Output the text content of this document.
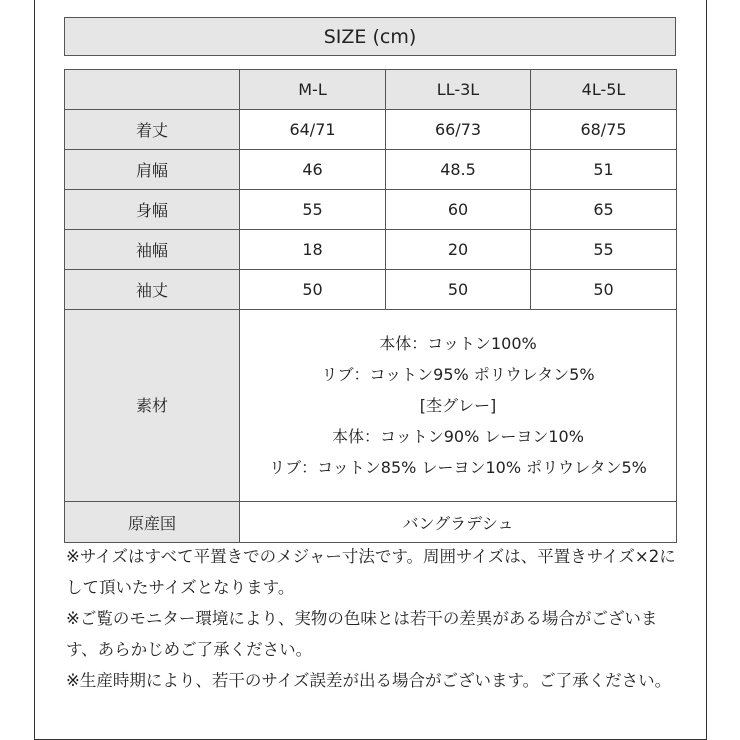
SIZE (cm)
	M-L	LL-3L	4L-5L
着丈	64/71	66/73	68/75
肩幅	46	48.5	51
身幅	55	60	65
袖幅	18	20	55
袖丈	50	50	50
素材	本体：コットン100%
リブ：コットン95% ポリウレタン5%
[杢グレー]
本体：コットン90% レーヨン10%
リブ：コットン85% レーヨン10% ポリウレタン5%		

原産国	バングラデシュ		
※サイズはすべて平置きでのメジャー寸法です。周囲サイズは、平置きサイズ×2にして頂いたサイズとなります。
※ご覧のモニター環境により、実物の色味とは若干の差異がある場合がございます、あらかじめご了承ください。
※生産時期により、若干のサイズ誤差が出る場合がございます。ご了承ください。
